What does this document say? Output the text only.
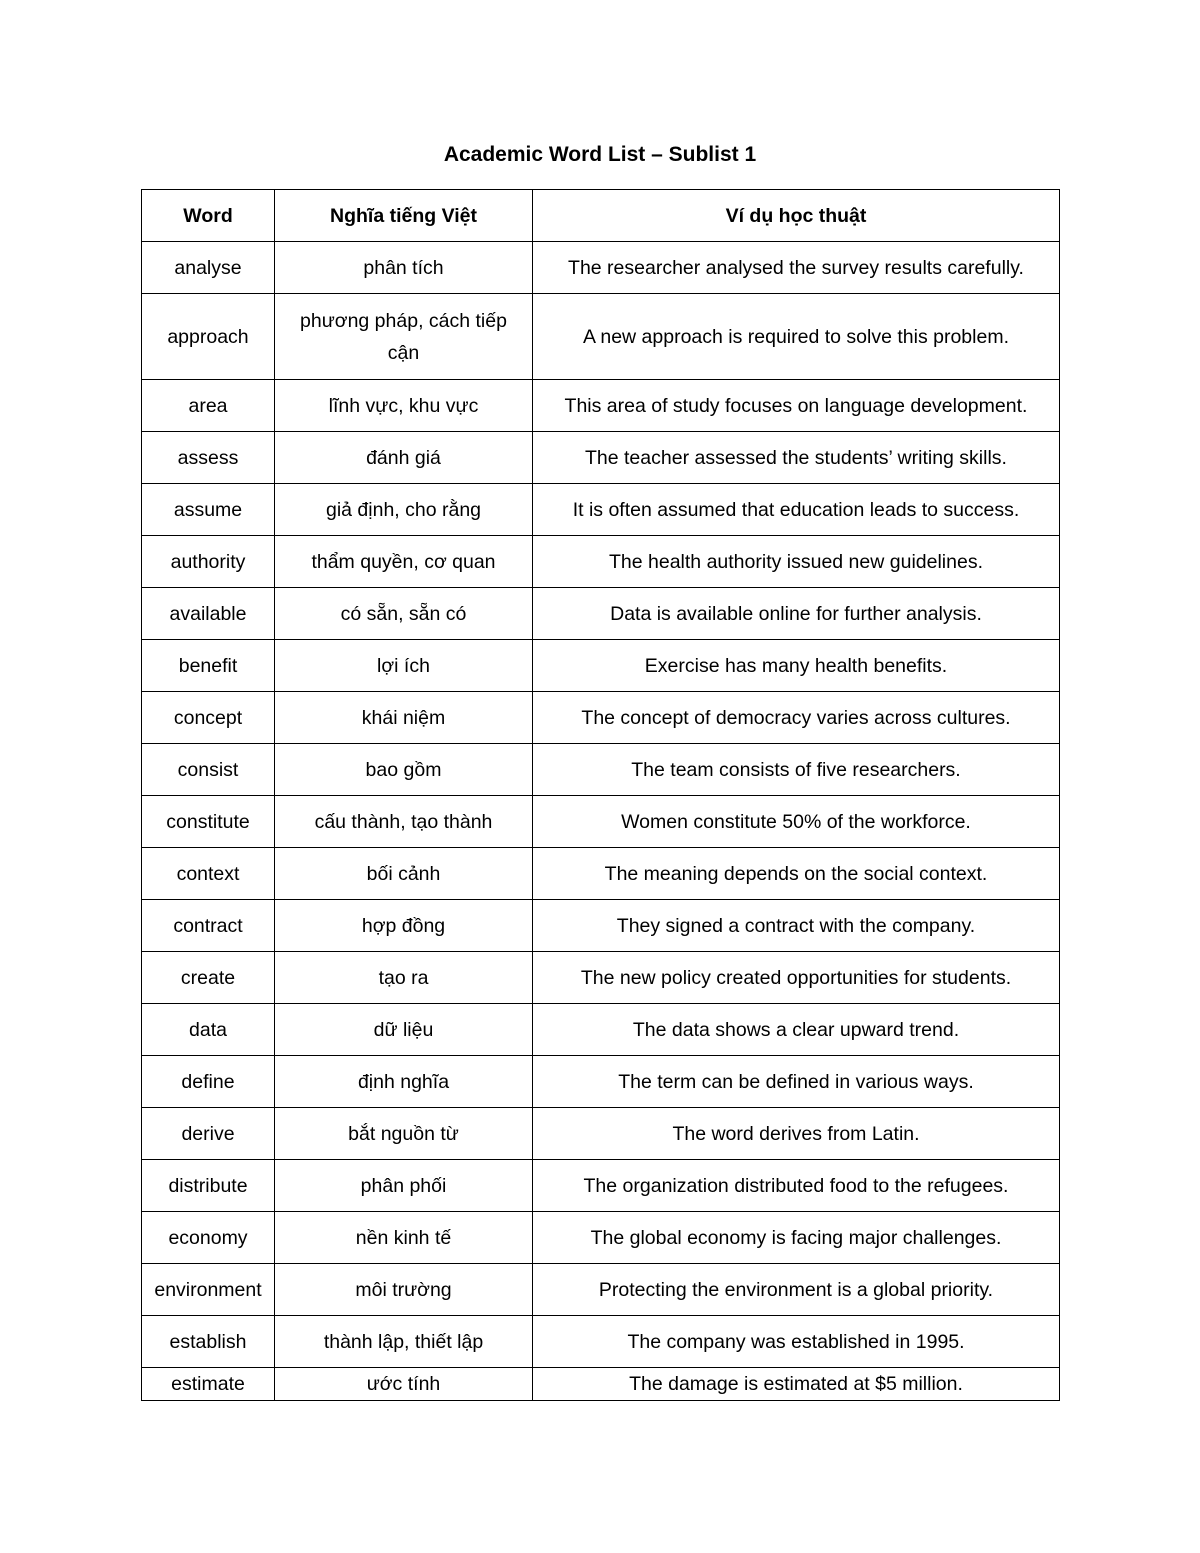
Academic Word List – Sublist 1
Word	Nghĩa tiếng Việt	Ví dụ học thuật
analyse	phân tích	The researcher analysed the survey results carefully.
approach	phương pháp, cách tiếp cận	A new approach is required to solve this problem.
area	lĩnh vực, khu vực	This area of study focuses on language development.
assess	đánh giá	The teacher assessed the students’ writing skills.
assume	giả định, cho rằng	It is often assumed that education leads to success.
authority	thẩm quyền, cơ quan	The health authority issued new guidelines.
available	có sẵn, sẵn có	Data is available online for further analysis.
benefit	lợi ích	Exercise has many health benefits.
concept	khái niệm	The concept of democracy varies across cultures.
consist	bao gồm	The team consists of five researchers.
constitute	cấu thành, tạo thành	Women constitute 50% of the workforce.
context	bối cảnh	The meaning depends on the social context.
contract	hợp đồng	They signed a contract with the company.
create	tạo ra	The new policy created opportunities for students.
data	dữ liệu	The data shows a clear upward trend.
define	định nghĩa	The term can be defined in various ways.
derive	bắt nguồn từ	The word derives from Latin.
distribute	phân phối	The organization distributed food to the refugees.
economy	nền kinh tế	The global economy is facing major challenges.
environment	môi trường	Protecting the environment is a global priority.
establish	thành lập, thiết lập	The company was established in 1995.
estimate	ước tính	The damage is estimated at $5 million.
